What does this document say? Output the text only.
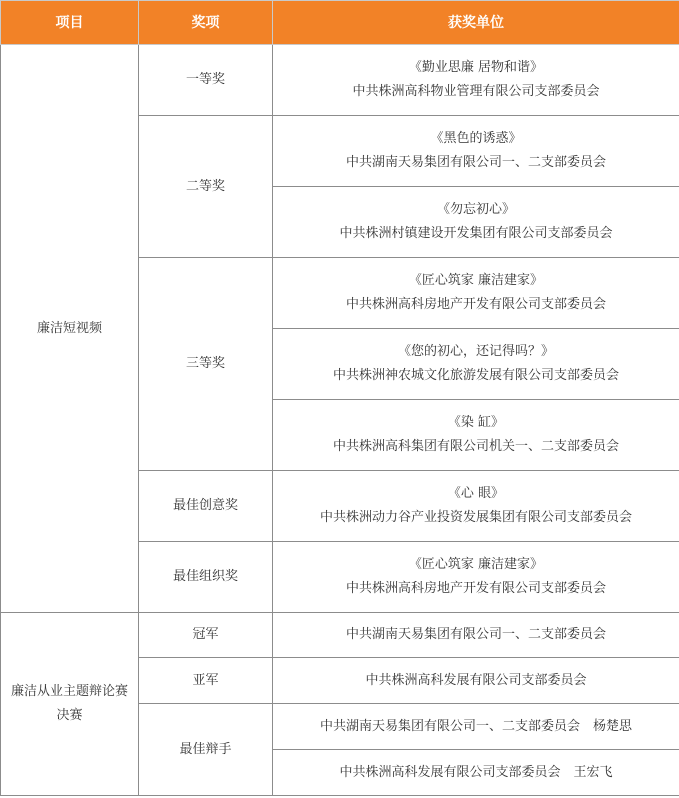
项目	奖项	获奖单位
廉洁短视频	一等奖	《勤业思廉 居物和谐》
中共株洲高科物业管理有限公司支部委员会

	二等奖	《黑色的诱惑》
中共湖南天易集团有限公司一、二支部委员会

		《勿忘初心》
中共株洲村镇建设开发集团有限公司支部委员会

	三等奖	《匠心筑家 廉洁建家》
中共株洲高科房地产开发有限公司支部委员会

		《您的初心，还记得吗？》
中共株洲神农城文化旅游发展有限公司支部委员会

		《染 缸》
中共株洲高科集团有限公司机关一、二支部委员会

	最佳创意奖	《心 眼》
中共株洲动力谷产业投资发展集团有限公司支部委员会

	最佳组织奖	《匠心筑家 廉洁建家》
中共株洲高科房地产开发有限公司支部委员会

廉洁从业主题辩论赛决赛	冠军	中共湖南天易集团有限公司一、二支部委员会

	亚军	中共株洲高科发展有限公司支部委员会

	最佳辩手	中共湖南天易集团有限公司一、二支部委员会　杨楚思

		中共株洲高科发展有限公司支部委员会　王宏飞
